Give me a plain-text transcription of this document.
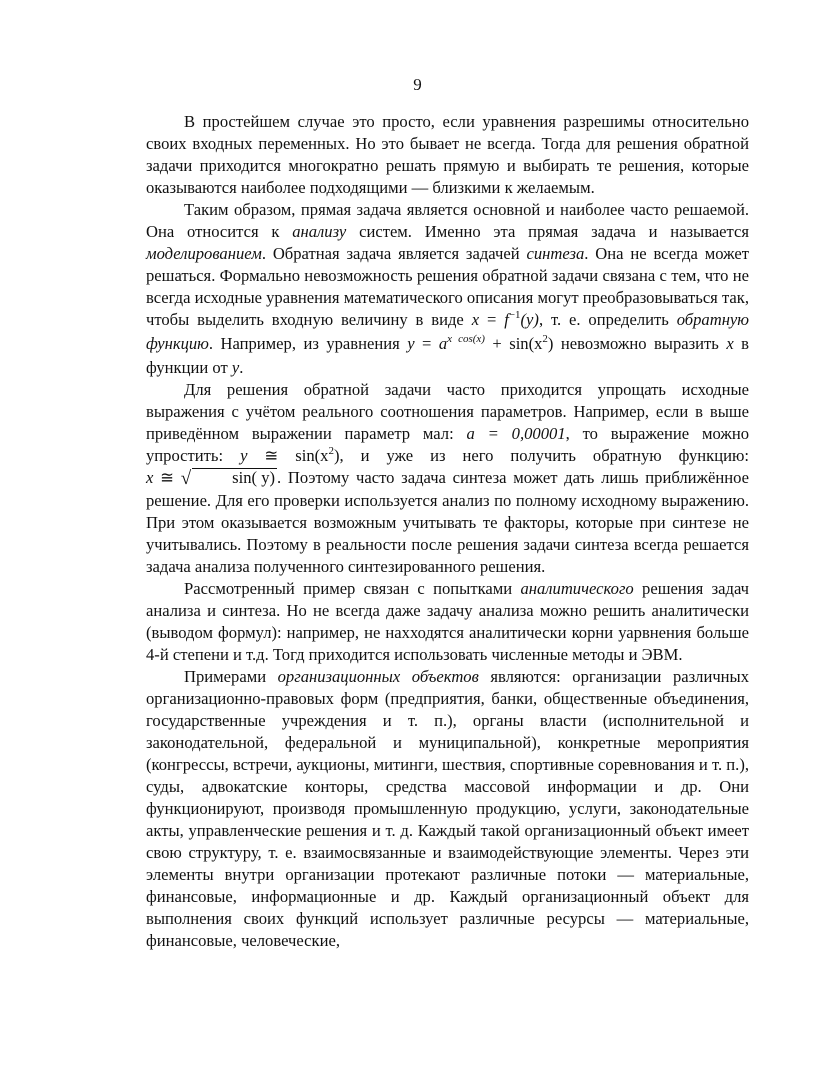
9

В простейшем случае это просто, если уравнения разрешимы относительно своих входных переменных. Но это бывает не всегда. Тогда для решения обратной задачи приходится многократно решать прямую и выбирать те решения, которые оказываются наиболее подходящими — близкими к желаемым.

Таким образом, прямая задача является основной и наиболее часто решаемой. Она относится к анализу систем. Именно эта прямая задача и называется моделированием. Обратная задача является задачей синтеза. Она не всегда может решаться. Формально невозможность решения обратной задачи связана с тем, что не всегда исходные уравнения математического описания могут преобразовываться так, чтобы выделить входную величину в виде $x = f^{-1}(y)$, т. е. определить обратную функцию. Например, из уравнения $y = a^{x cos(x)} + \sin(x^2)$ невозможно выразить x в функции от y.

Для решения обратной задачи часто приходится упрощать исходные выражения с учётом реального соотношения параметров. Например, если в выше приведённом выражении параметр мал: a = 0,00001, то выражение можно упростить: y ≅ $\sin(x^2)$, и уже из него получить обратную функцию: x ≅ √ sin( y) . Поэтому часто задача синтеза может дать лишь приближённое решение. Для его проверки используется анализ по полному исходному выражению. При этом оказывается возможным учитывать те факторы, которые при синтезе не учитывались. Поэтому в реальности после решения задачи синтеза всегда решается задача анализа полученного синтезированного решения.

Рассмотренный пример связан с попытками аналитического решения задач анализа и синтеза. Но не всегда даже задачу анализа можно решить аналитически (выводом формул): например, не нахходятся аналитически корни уарвнения больше 4-й степени и т.д. Тогд приходится использовать численные методы и ЭВМ.

Примерами организационных объектов являются: организации различных организационно-правовых форм (предприятия, банки, общественные объединения, государственные учреждения и т. п.), органы власти (исполнительной и законодательной, федеральной и муниципальной), конкретные мероприятия (конгрессы, встречи, аукционы, митинги, шествия, спортивные соревнования и т. п.), суды, адвокатские конторы, средства массовой информации и др. Они функционируют, производя промышленную продукцию, услуги, законодательные акты, управленческие решения и т. д. Каждый такой организационный объект имеет свою структуру, т. е. взаимосвязанные и взаимодействующие элементы. Через эти элементы внутри организации протекают различные потоки — материальные, финансовые, информационные и др. Каждый организационный объект для выполнения своих функций использует различные ресурсы — материальные, финансовые, человеческие,
